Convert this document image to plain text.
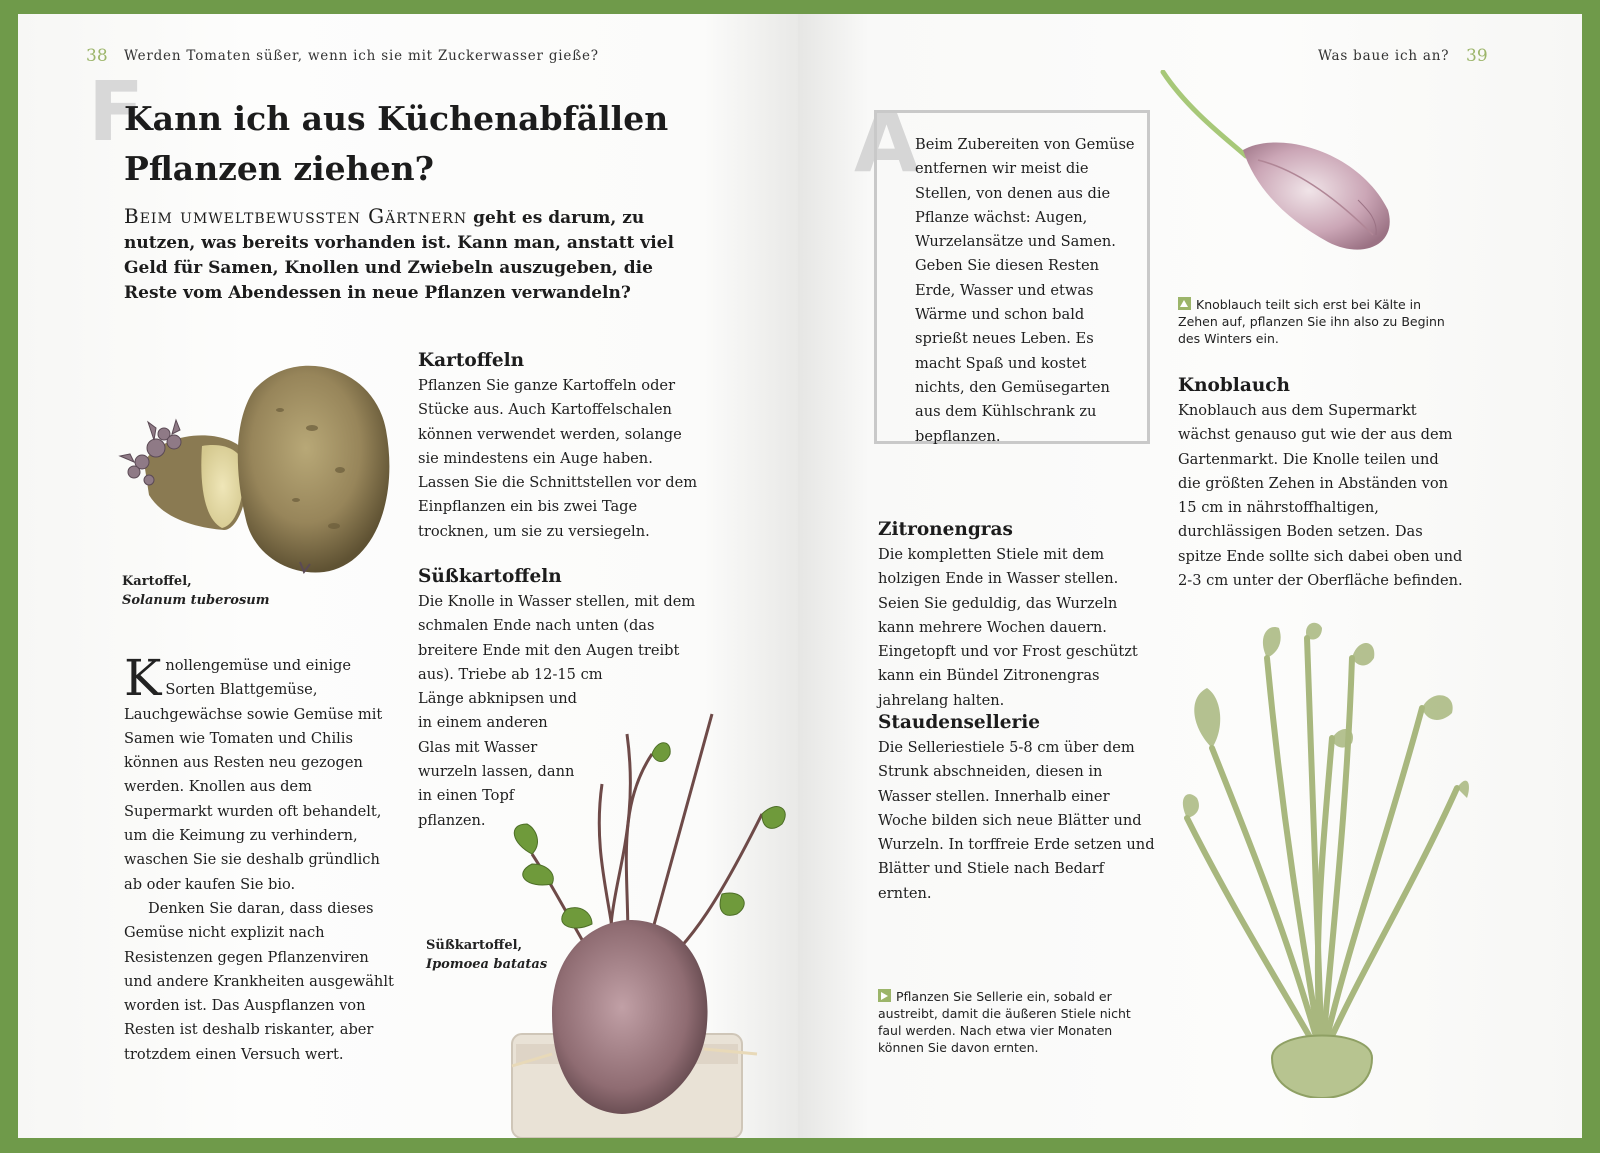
38 Werden Tomaten süßer, wenn ich sie mit Zuckerwasser gieße?
F
Kann ich aus Küchenabfällen
Pflanzen ziehen?

Beim umweltbewussten Gärtnern geht es darum, zu nutzen, was bereits vorhanden ist. Kann man, anstatt viel Geld für Samen, Knollen und Zwiebeln auszugeben, die Reste vom Abendessen in neue Pflanzen verwandeln?

Kartoffel,
Solanum tuberosum
Kartoffeln

Pflanzen Sie ganze Kartoffeln oder Stücke aus. Auch Kartoffelschalen können verwendet werden, solange sie mindestens ein Auge haben. Lassen Sie die Schnittstellen vor dem Einpflanzen ein bis zwei Tage trocknen, um sie zu versiegeln.

Süßkartoffeln

Die Knolle in Wasser stellen, mit dem schmalen Ende nach unten (das breitere Ende mit den Augen treibt aus). Triebe ab 12-15 cm

Länge abknipsen und in einem anderen Glas mit Wasser wurzeln lassen, dann in einen Topf pflanzen.

Süßkartoffel,
Ipomoea batatas

Knollengemüse und einige Sorten Blattgemüse, Lauchgewächse sowie Gemüse mit Samen wie Tomaten und Chilis können aus Resten neu gezogen werden. Knollen aus dem Supermarkt wurden oft behandelt, um die Keimung zu verhindern, waschen Sie sie deshalb gründlich ab oder kaufen Sie bio.

Denken Sie daran, dass dieses Gemüse nicht explizit nach Resistenzen gegen Pflanzenviren und andere Krankheiten ausgewählt worden ist. Das Auspflanzen von Resten ist deshalb riskanter, aber trotzdem einen Versuch wert.

Was baue ich an? 39
A

Beim Zubereiten von Gemüse entfernen wir meist die Stellen, von denen aus die Pflanze wächst: Augen, Wurzelansätze und Samen. Geben Sie diesen Resten Erde, Wasser und etwas Wärme und schon bald sprießt neues Leben. Es macht Spaß und kostet nichts, den Gemüsegarten aus dem Kühlschrank zu bepflanzen.

Knoblauch teilt sich erst bei Kälte in Zehen auf, pflanzen Sie ihn also zu Beginn des Winters ein.
Knoblauch

Knoblauch aus dem Supermarkt wächst genauso gut wie der aus dem Gartenmarkt. Die Knolle teilen und die größten Zehen in Abständen von 15 cm in nährstoffhaltigen, durchlässigen Boden setzen. Das spitze Ende sollte sich dabei oben und 2-3 cm unter der Oberfläche befinden.

Zitronengras

Die kompletten Stiele mit dem holzigen Ende in Wasser stellen. Seien Sie geduldig, das Wurzeln kann mehrere Wochen dauern. Eingetopft und vor Frost geschützt kann ein Bündel Zitronengras jahrelang halten.

Staudensellerie

Die Selleriestiele 5-8 cm über dem Strunk abschneiden, diesen in Wasser stellen. Innerhalb einer Woche bilden sich neue Blätter und Wurzeln. In torffreie Erde setzen und Blätter und Stiele nach Bedarf ernten.

Pflanzen Sie Sellerie ein, sobald er austreibt, damit die äußeren Stiele nicht faul werden. Nach etwa vier Monaten können Sie davon ernten.
